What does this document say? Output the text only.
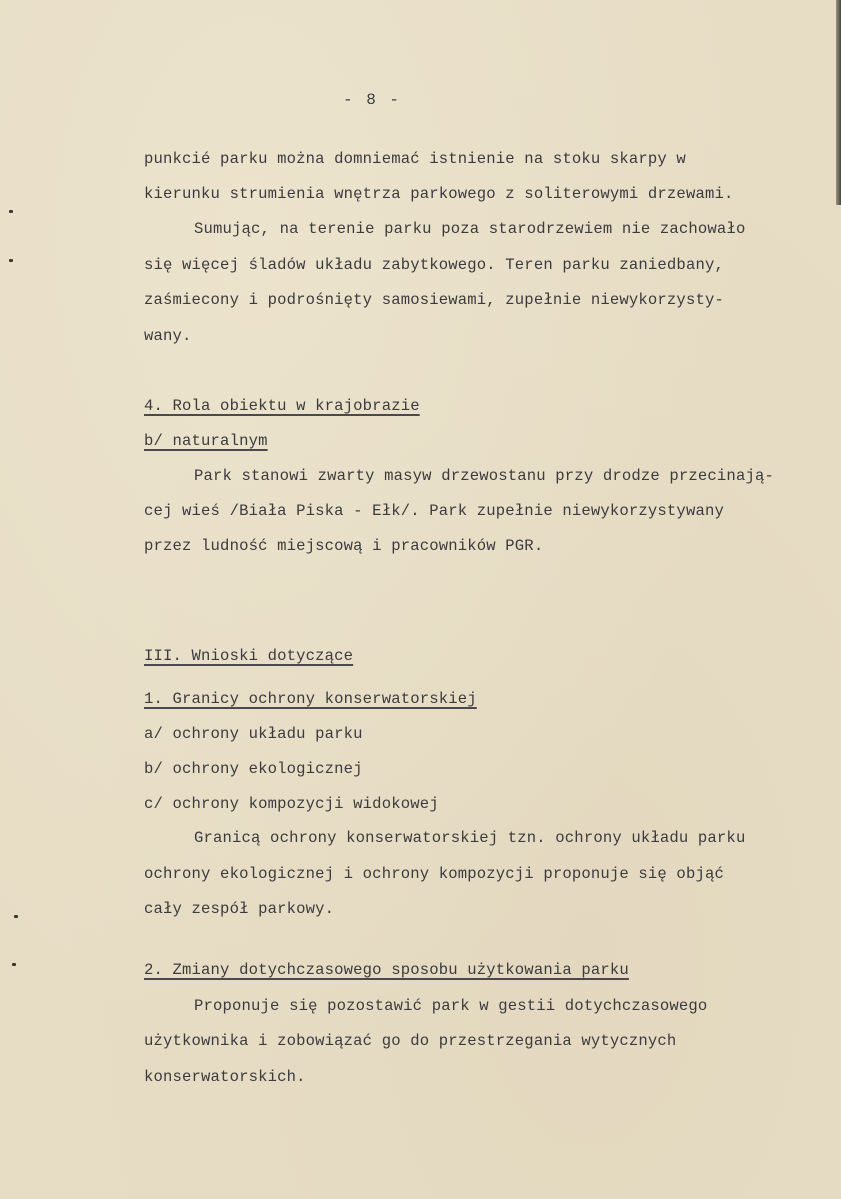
- 8 -
punkcié parku można domniemać istnienie na stoku skarpy w
kierunku strumienia wnętrza parkowego z soliterowymi drzewami.
Sumując, na terenie parku poza starodrzewiem nie zachowało
się więcej śladów układu zabytkowego. Teren parku zaniedbany,
zaśmiecony i podrośnięty samosiewami, zupełnie niewykorzysty-
wany.
4. Rola obiektu w krajobrazie
b/ naturalnym
Park stanowi zwarty masyw drzewostanu przy drodze przecinają-
cej wieś /Biała Piska - Ełk/. Park zupełnie niewykorzystywany
przez ludność miejscową i pracowników PGR.
III. Wnioski dotyczące
1. Granicy ochrony konserwatorskiej
a/ ochrony układu parku
b/ ochrony ekologicznej
c/ ochrony kompozycji widokowej
Granicą ochrony konserwatorskiej tzn. ochrony układu parku
ochrony ekologicznej i ochrony kompozycji proponuje się objąć
cały zespół parkowy.
2. Zmiany dotychczasowego sposobu użytkowania parku
Proponuje się pozostawić park w gestii dotychczasowego
użytkownika i zobowiązać go do przestrzegania wytycznych
konserwatorskich.
